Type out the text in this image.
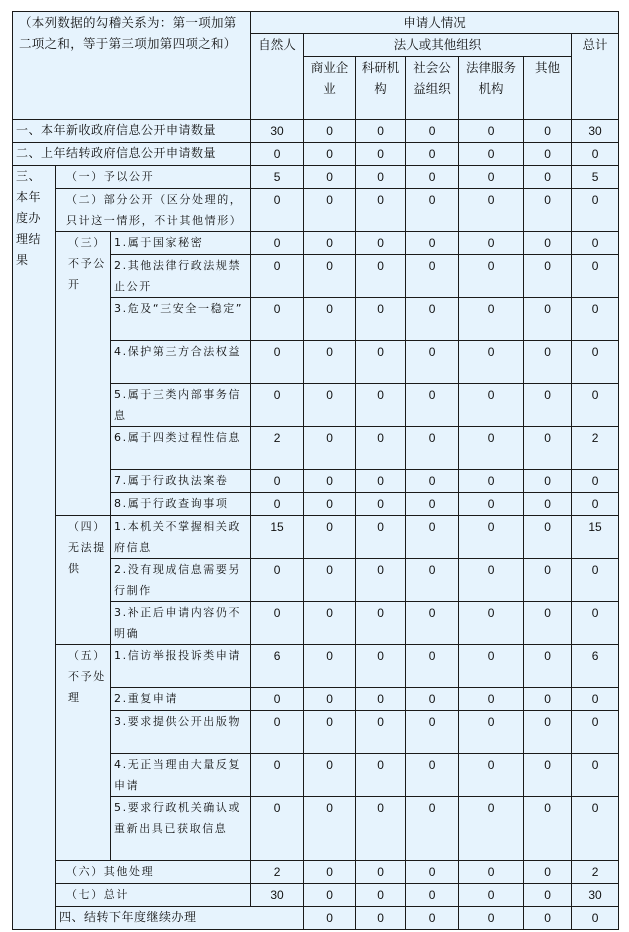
（本列数据的勾稽关系为：第一项加第二项之和，等于第三项加第四项之和）			申请人情况							
			自然人	法人或其他组织					总计	
				商业企业	科研机构	社会公益组织	法律服务机构	其他		
一、本年新收政府信息公开申请数量			30	0	0	0	0	0	30	
二、上年结转政府信息公开申请数量			0	0	0	0	0	0	0	
三、本年度办理结果	（一）予以公开		5	0	0	0	0	0	5	
	（二）部分公开（区分处理的，只计这一情形，不计其他情形）		0	0	0	0	0	0	0	
	（三）不予公开	1.属于国家秘密	0	0	0	0	0	0	0	
		2.其他法律行政法规禁止公开	0	0	0	0	0	0	0	
		3.危及“三安全一稳定”	0	0	0	0	0	0	0	
		4.保护第三方合法权益	0	0	0	0	0	0	0	
		5.属于三类内部事务信息	0	0	0	0	0	0	0	
		6.属于四类过程性信息	2	0	0	0	0	0	2	
		7.属于行政执法案卷	0	0	0	0	0	0	0	
		8.属于行政查询事项	0	0	0	0	0	0	0	
	（四）无法提供	1.本机关不掌握相关政府信息	15	0	0	0	0	0	15	
		2.没有现成信息需要另行制作	0	0	0	0	0	0	0	
		3.补正后申请内容仍不明确	0	0	0	0	0	0	0	
	（五）不予处理	1.信访举报投诉类申请	6	0	0	0	0	0	6	
		2.重复申请	0	0	0	0	0	0	0	
		3.要求提供公开出版物	0	0	0	0	0	0	0	
		4.无正当理由大量反复申请	0	0	0	0	0	0	0	
		5.要求行政机关确认或重新出具已获取信息	0	0	0	0	0	0	0	
	（六）其他处理		2	0	0	0	0	0	2	
	（七）总计		30	0	0	0	0	0	30	
	四、结转下年度继续办理			0	0	0	0	0	0	
